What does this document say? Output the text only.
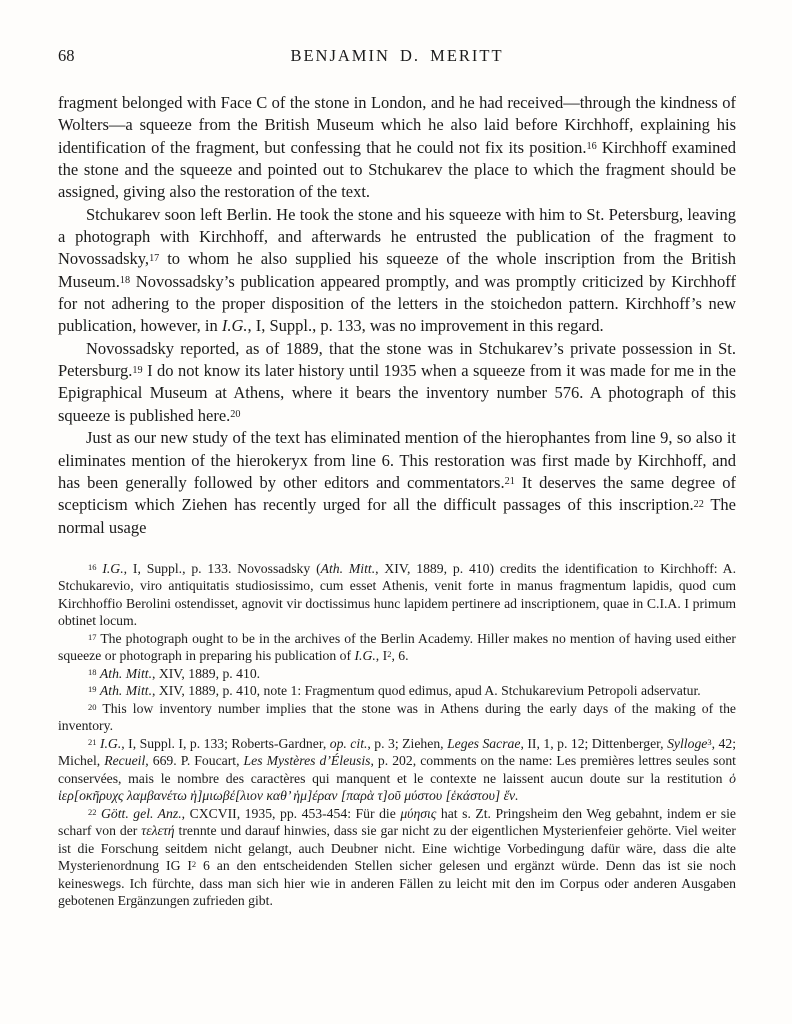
68	BENJAMIN D. MERITT

fragment belonged with Face C of the stone in London, and he had received—through the kindness of Wolters—a squeeze from the British Museum which he also laid before Kirchhoff, explaining his identification of the fragment, but confessing that he could not fix its position.$^{16}$ Kirchhoff examined the stone and the squeeze and pointed out to Stchukarev the place to which the fragment should be assigned, giving also the restoration of the text.

Stchukarev soon left Berlin. He took the stone and his squeeze with him to St. Petersburg, leaving a photograph with Kirchhoff, and afterwards he entrusted the publication of the fragment to Novossadsky,$^{17}$ to whom he also supplied his squeeze of the whole inscription from the British Museum.$^{18}$ Novossadsky’s publication appeared promptly, and was promptly criticized by Kirchhoff for not adhering to the proper disposition of the letters in the stoichedon pattern. Kirchhoff’s new publication, however, in I.G., I, Suppl., p. 133, was no improvement in this regard.

Novossadsky reported, as of 1889, that the stone was in Stchukarev’s private possession in St. Petersburg.$^{19}$ I do not know its later history until 1935 when a squeeze from it was made for me in the Epigraphical Museum at Athens, where it bears the inventory number 576. A photograph of this squeeze is published here.$^{20}$

Just as our new study of the text has eliminated mention of the hierophantes from line 9, so also it eliminates mention of the hierokeryx from line 6. This restoration was first made by Kirchhoff, and has been generally followed by other editors and commentators.$^{21}$ It deserves the same degree of scepticism which Ziehen has recently urged for all the difficult passages of this inscription.$^{22}$ The normal usage

$^{16}$ I.G., I, Suppl., p. 133. Novossadsky (Ath. Mitt., XIV, 1889, p. 410) credits the identification to Kirchhoff: A. Stchukarevio, viro antiquitatis studiosissimo, cum esset Athenis, venit forte in manus fragmentum lapidis, quod cum Kirchhoffio Berolini ostendisset, agnovit vir doctissimus hunc lapidem pertinere ad inscriptionem, quae in C.I.A. I primum obtinet locum.

$^{17}$ The photograph ought to be in the archives of the Berlin Academy. Hiller makes no mention of having used either squeeze or photograph in preparing his publication of I.G., $I^2$, 6.

$^{18}$ Ath. Mitt., XIV, 1889, p. 410.

$^{19}$ Ath. Mitt., XIV, 1889, p. 410, note 1: Fragmentum quod edimus, apud A. Stchukarevium Petropoli adservatur.

$^{20}$ This low inventory number implies that the stone was in Athens during the early days of the making of the inventory.

$^{21}$ I.G., I, Suppl. I, p. 133; Roberts-Gardner, op. cit., p. 3; Ziehen, Leges Sacrae, II, 1, p. 12; Dittenberger, Sylloge$^3$, 42; Michel, Recueil, 669. P. Foucart, Les Mystères d’Éleusis, p. 202, comments on the name: Les premières lettres seules sont conservées, mais le nombre des caractères qui manquent et le contexte ne laissent aucun doute sur la restitution ὁ ἱερ[οκῆρυχς λαμβανέτω ἡ]μιωβέ[λιον καθ’ ἡμ]έραν [παρὰ τ]οῦ μύστου [ἑκάστου] ἕν.

$^{22}$ Gött. gel. Anz., CXCVII, 1935, pp. 453-454: Für die μύησις hat s. Zt. Pringsheim den Weg gebahnt, indem er sie scharf von der τελετή trennte und darauf hinwies, dass sie gar nicht zu der eigentlichen Mysterienfeier gehörte. Viel weiter ist die Forschung seitdem nicht gelangt, auch Deubner nicht. Eine wichtige Vorbedingung dafür wäre, dass die alte Mysterienordnung IG $I^2$ 6 an den entscheidenden Stellen sicher gelesen und ergänzt würde. Denn das ist sie noch keineswegs. Ich fürchte, dass man sich hier wie in anderen Fällen zu leicht mit den im Corpus oder anderen Ausgaben gebotenen Ergänzungen zufrieden gibt.
